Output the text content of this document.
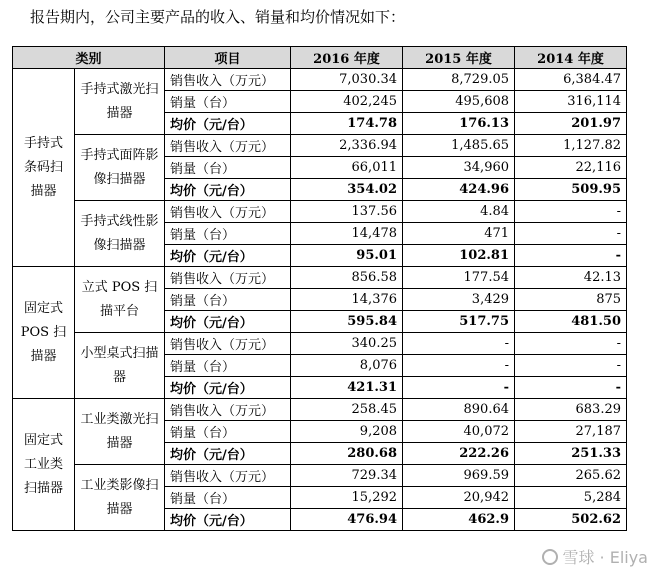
报告期内，公司主要产品的收入、销量和均价情况如下：
类别		项目	2016 年度	2015 年度	2014 年度
手持式条码扫描器	手持式激光扫描器	销售收入（万元）	7,030.34	8,729.05	6,384.47
		销量（台）	402,245	495,608	316,114
		均价（元/台）	174.78	176.13	201.97
	手持式面阵影像扫描器	销售收入（万元）	2,336.94	1,485.65	1,127.82
		销量（台）	66,011	34,960	22,116
		均价（元/台）	354.02	424.96	509.95
	手持式线性影像扫描器	销售收入（万元）	137.56	4.84	-
		销量（台）	14,478	471	-
		均价（元/台）	95.01	102.81	-
固定式 POS 扫描器	立式 POS 扫描平台	销售收入（万元）	856.58	177.54	42.13
		销量（台）	14,376	3,429	875
		均价（元/台）	595.84	517.75	481.50
	小型桌式扫描器	销售收入（万元）	340.25	-	-
		销量（台）	8,076	-	-
		均价（元/台）	421.31	-	-
固定式工业类扫描器	工业类激光扫描器	销售收入（万元）	258.45	890.64	683.29
		销量（台）	9,208	40,072	27,187
		均价（元/台）	280.68	222.26	251.33
	工业类影像扫描器	销售收入（万元）	729.34	969.59	265.62
		销量（台）	15,292	20,942	5,284
		均价（元/台）	476.94	462.9	502.62
雪球 · Eliya
